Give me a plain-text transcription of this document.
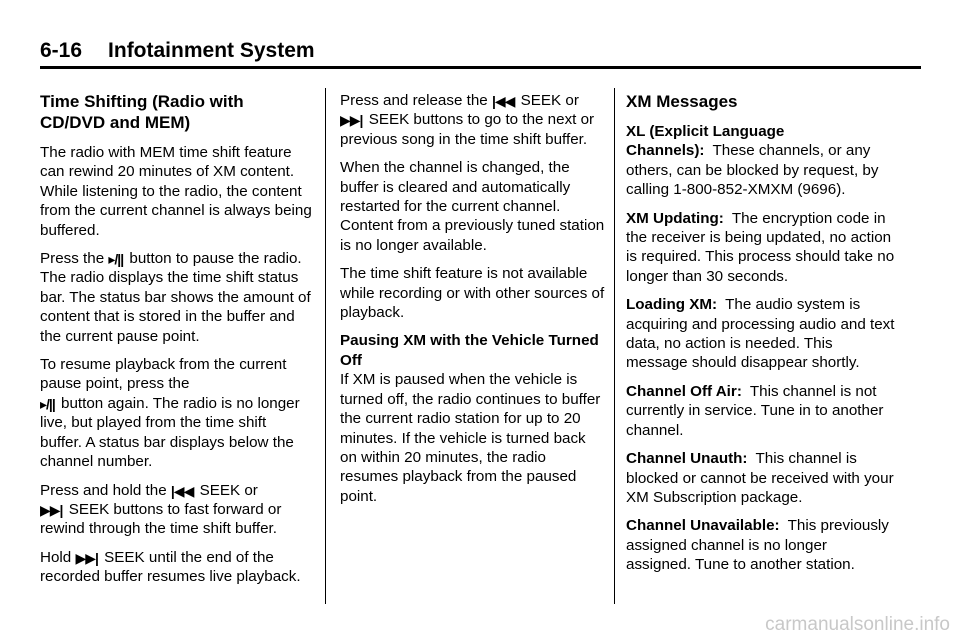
6-16 Infotainment System
Time Shifting (Radio with CD/DVD and MEM)

The radio with MEM time shift feature can rewind 20 minutes of XM content. While listening to the radio, the content from the current channel is always being buffered.

Press the ▸/|| button to pause the radio. The radio displays the time shift status bar. The status bar shows the amount of content that is stored in the buffer and the current pause point.

To resume playback from the current pause point, press the
▸/|| button again. The radio is no longer live, but played from the time shift buffer. A status bar displays below the channel number.

Press and hold the |◀◀ SEEK or
▶▶| SEEK buttons to fast forward or rewind through the time shift buffer.

Hold ▶▶| SEEK until the end of the recorded buffer resumes live playback.

Press and release the |◀◀ SEEK or
▶▶| SEEK buttons to go to the next or previous song in the time shift buffer.

When the channel is changed, the buffer is cleared and automatically restarted for the current channel. Content from a previously tuned station is no longer available.

The time shift feature is not available while recording or with other sources of playback.

Pausing XM with the Vehicle Turned Off

If XM is paused when the vehicle is turned off, the radio continues to buffer the current radio station for up to 20 minutes. If the vehicle is turned back on within 20 minutes, the radio resumes playback from the paused point.

XM Messages

XL (Explicit Language Channels): These channels, or any others, can be blocked by request, by calling 1-800-852-XMXM (9696).

XM Updating: The encryption code in the receiver is being updated, no action is required. This process should take no longer than 30 seconds.

Loading XM: The audio system is acquiring and processing audio and text data, no action is needed. This message should disappear shortly.

Channel Off Air: This channel is not currently in service. Tune in to another channel.

Channel Unauth: This channel is blocked or cannot be received with your XM Subscription package.

Channel Unavailable: This previously assigned channel is no longer assigned. Tune to another station.

carmanualsonline.info
